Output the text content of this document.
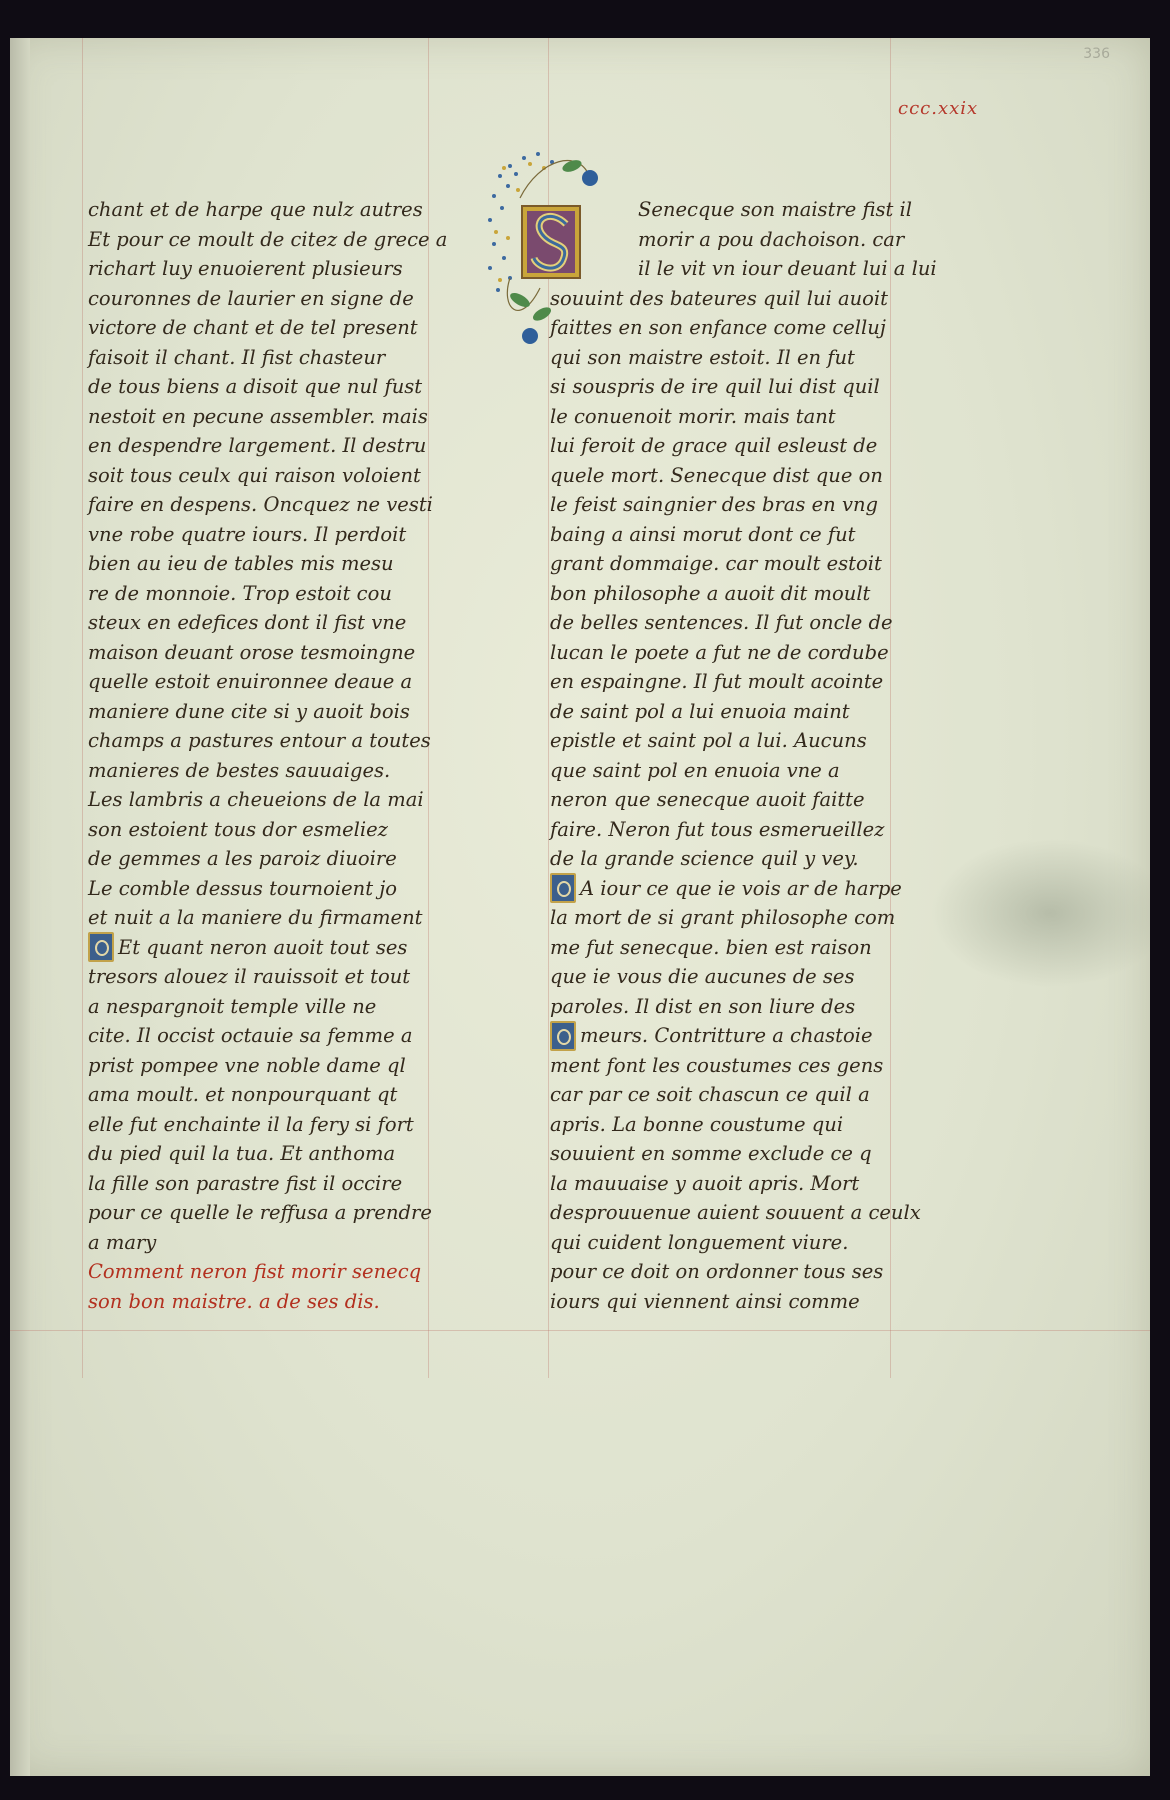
336
ccc.xxix
chant et de harpe que nulz autres
Et pour ce moult de citez de grece a
richart luy enuoierent plusieurs
couronnes de laurier en signe de
victore de chant et de tel present
faisoit il chant. Il fist chasteur
de tous biens a disoit que nul fust
nestoit en pecune assembler. mais
en despendre largement. Il destru
soit tous ceulx qui raison voloient
faire en despens. Oncquez ne vesti
vne robe quatre iours. Il perdoit
bien au ieu de tables mis mesu
re de monnoie. Trop estoit cou
steux en edefices dont il fist vne
maison deuant orose tesmoingne
quelle estoit enuironnee deaue a
maniere dune cite si y auoit bois
champs a pastures entour a toutes
manieres de bestes sauuaiges.
Les lambris a cheueions de la mai
son estoient tous dor esmeliez
de gemmes a les paroiz diuoire
Le comble dessus tournoient jo
et nuit a la maniere du firmament
Et quant neron auoit tout ses
tresors alouez il rauissoit et tout
a nespargnoit temple ville ne
cite. Il occist octauie sa femme a
prist pompee vne noble dame ql
ama moult. et nonpourquant qt
elle fut enchainte il la fery si fort
du pied quil la tua. Et anthoma
la fille son parastre fist il occire
pour ce quelle le reffusa a prendre
a mary
Comment neron fist morir senecq
son bon maistre. a de ses dis.
Senecque son maistre fist il
morir a pou dachoison. car
il le vit vn iour deuant lui a lui
souuint des bateures quil lui auoit
faittes en son enfance come celluj
qui son maistre estoit. Il en fut
si souspris de ire quil lui dist quil
le conuenoit morir. mais tant
lui feroit de grace quil esleust de
quele mort. Senecque dist que on
le feist saingnier des bras en vng
baing a ainsi morut dont ce fut
grant dommaige. car moult estoit
bon philosophe a auoit dit moult
de belles sentences. Il fut oncle de
lucan le poete a fut ne de cordube
en espaingne. Il fut moult acointe
de saint pol a lui enuoia maint
epistle et saint pol a lui. Aucuns
que saint pol en enuoia vne a
neron que senecque auoit faitte
faire. Neron fut tous esmerueillez
de la grande science quil y vey.
A iour ce que ie vois ar de harpe
la mort de si grant philosophe com
me fut senecque. bien est raison
que ie vous die aucunes de ses
paroles. Il dist en son liure des
meurs. Contritture a chastoie
ment font les coustumes ces gens
car par ce soit chascun ce quil a
apris. La bonne coustume qui
souuient en somme exclude ce q
la mauuaise y auoit apris. Mort
desprouuenue auient souuent a ceulx
qui cuident longuement viure.
pour ce doit on ordonner tous ses
iours qui viennent ainsi comme
